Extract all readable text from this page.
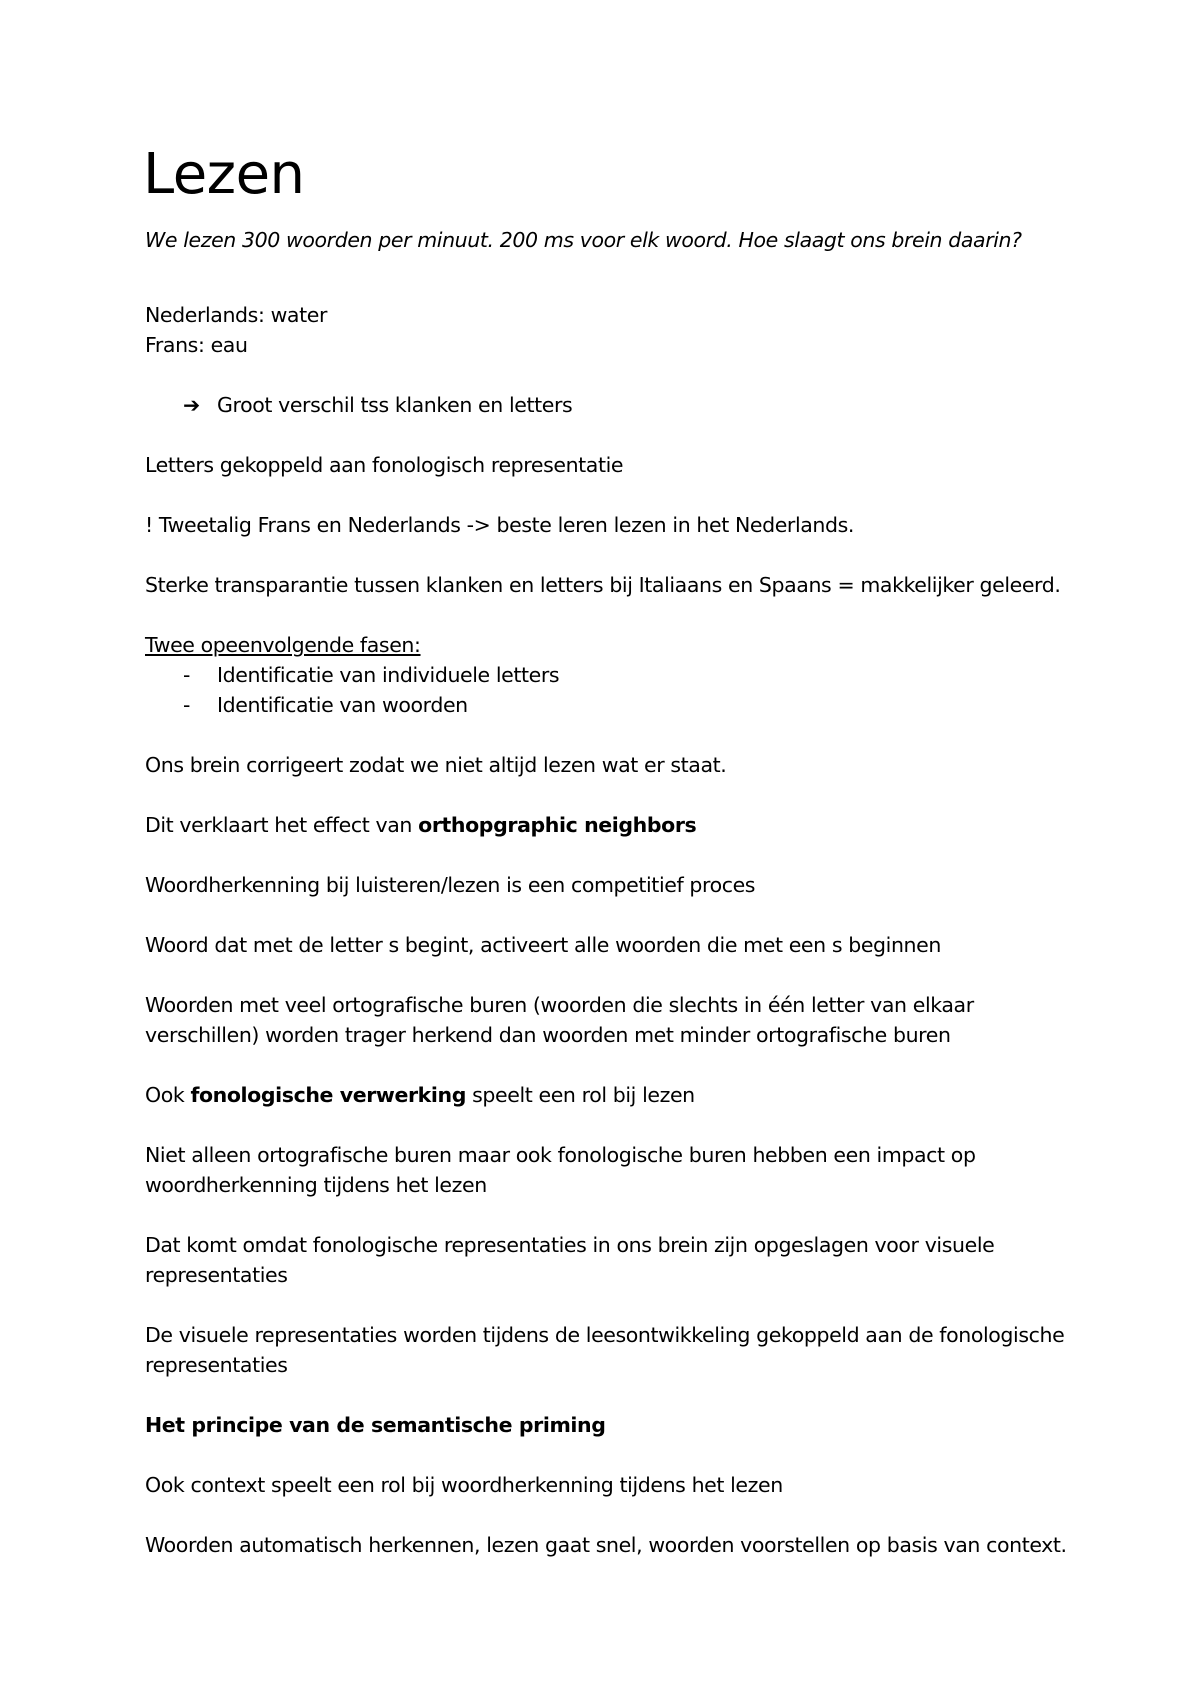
Lezen

We lezen 300 woorden per minuut. 200 ms voor elk woord. Hoe slaagt ons brein daarin?

Nederlands: water

Frans: eau

➔ Groot verschil tss klanken en letters

Letters gekoppeld aan fonologisch representatie

! Tweetalig Frans en Nederlands -> beste leren lezen in het Nederlands.

Sterke transparantie tussen klanken en letters bij Italiaans en Spaans = makkelijker geleerd.

Twee opeenvolgende fasen:

- Identificatie van individuele letters
- Identificatie van woorden

Ons brein corrigeert zodat we niet altijd lezen wat er staat.

Dit verklaart het effect van orthopgraphic neighbors

Woordherkenning bij luisteren/lezen is een competitief proces

Woord dat met de letter s begint, activeert alle woorden die met een s beginnen

Woorden met veel ortografische buren (woorden die slechts in één letter van elkaar

verschillen) worden trager herkend dan woorden met minder ortografische buren

Ook fonologische verwerking speelt een rol bij lezen

Niet alleen ortografische buren maar ook fonologische buren hebben een impact op

woordherkenning tijdens het lezen

Dat komt omdat fonologische representaties in ons brein zijn opgeslagen voor visuele

representaties

De visuele representaties worden tijdens de leesontwikkeling gekoppeld aan de fonologische

representaties

Het principe van de semantische priming

Ook context speelt een rol bij woordherkenning tijdens het lezen

Woorden automatisch herkennen, lezen gaat snel, woorden voorstellen op basis van context.
